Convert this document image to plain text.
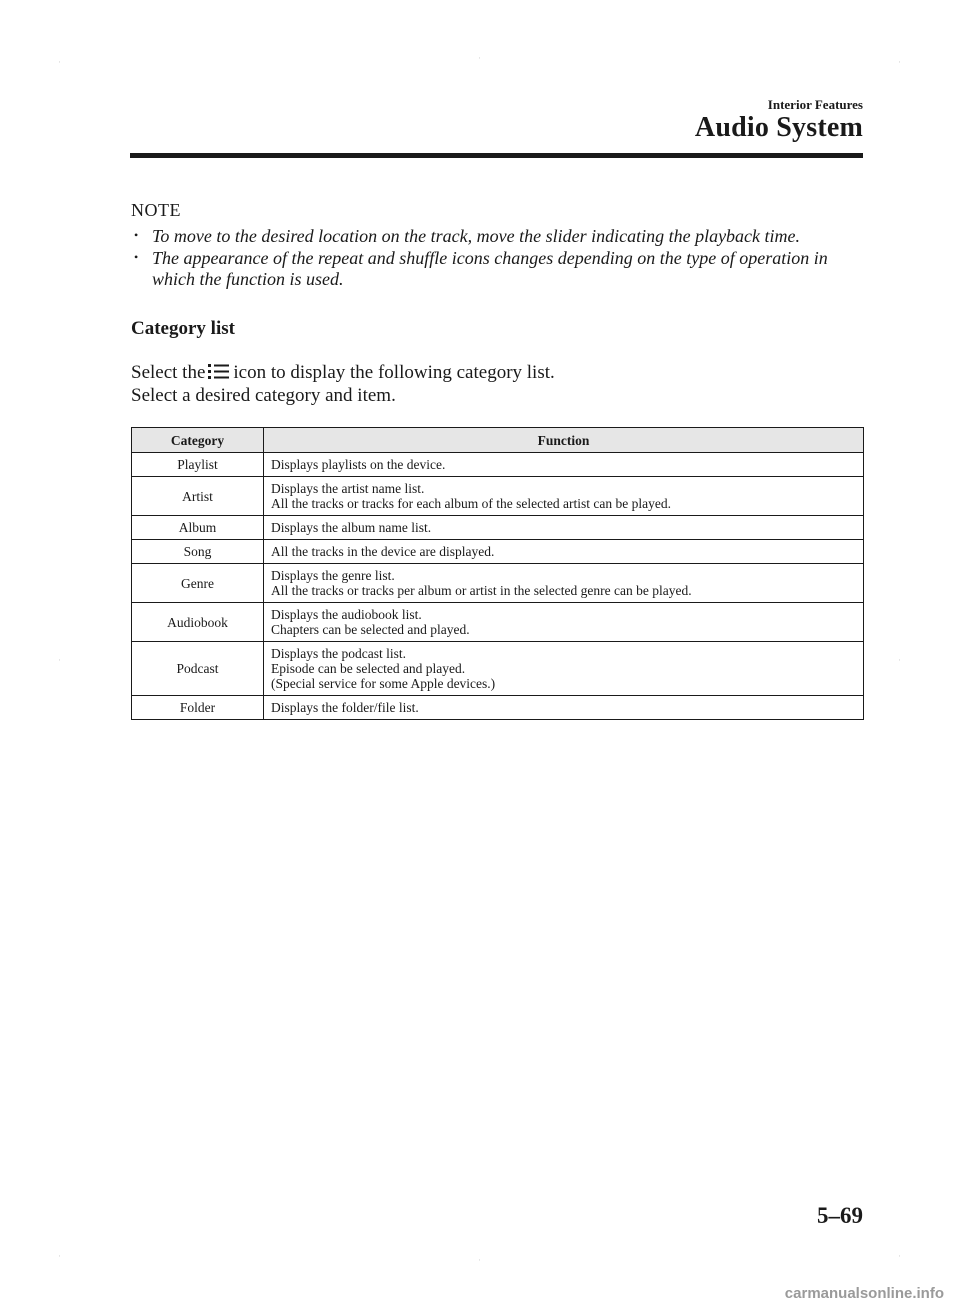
·	·	·
·	·
·	·	·
Interior Features
Audio System
NOTE
• To move to the desired location on the track, move the slider indicating the playback time.
• The appearance of the repeat and shuffle icons changes depending on the type of operation in which the function is used.
Category list
Select the icon to display the following category list.
Select a desired category and item.
Category	Function
Playlist	Displays playlists on the device.

Artist	Displays the artist name list.
All the tracks or tracks for each album of the selected artist can be played.

Album	Displays the album name list.

Song	All the tracks in the device are displayed.

Genre	Displays the genre list.
All the tracks or tracks per album or artist in the selected genre can be played.

Audiobook	Displays the audiobook list.
Chapters can be selected and played.

Podcast	Displays the podcast list.
Episode can be selected and played.
(Special service for some Apple devices.)

Folder	Displays the folder/file list.
5–69
carmanualsonline.info
